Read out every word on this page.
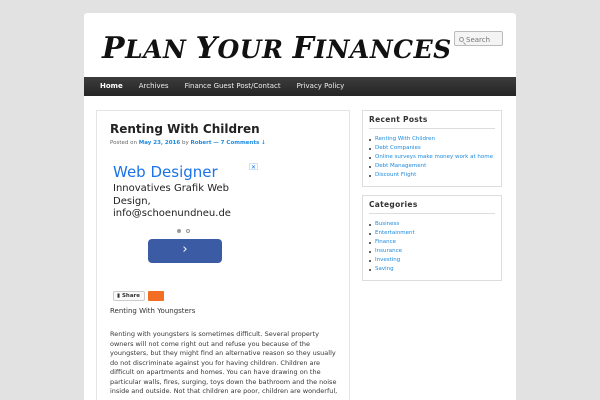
PLAN YOUR FINANCES
Search
Home	Archives	Finance Guest Post/Contact	Privacy Policy
Renting With Children
Posted on May 23, 2016 by Robert — 7 Comments ↓
Web Designer
Innovatives Grafik Web Design, info@schoenundneu.de
›
✕
▮ Share
Renting With Youngsters

Renting with youngsters is sometimes difficult. Several property owners will not come right out and refuse you because of the youngsters, but they might find an alternative reason so they usually do not discriminate against you for having children. Children are difficult on apartments and homes. You can have drawing on the particular walls, fires, surging, toys down the bathroom and the noise inside and outside. Not that children are poor, children are wonderful,

Recent Posts
Renting With Children
Debt Companies
Online surveys make money work at home
Debt Management
Discount Flight
Categories
Business
Entertainment
Finance
Insurance
Investing
Saving
